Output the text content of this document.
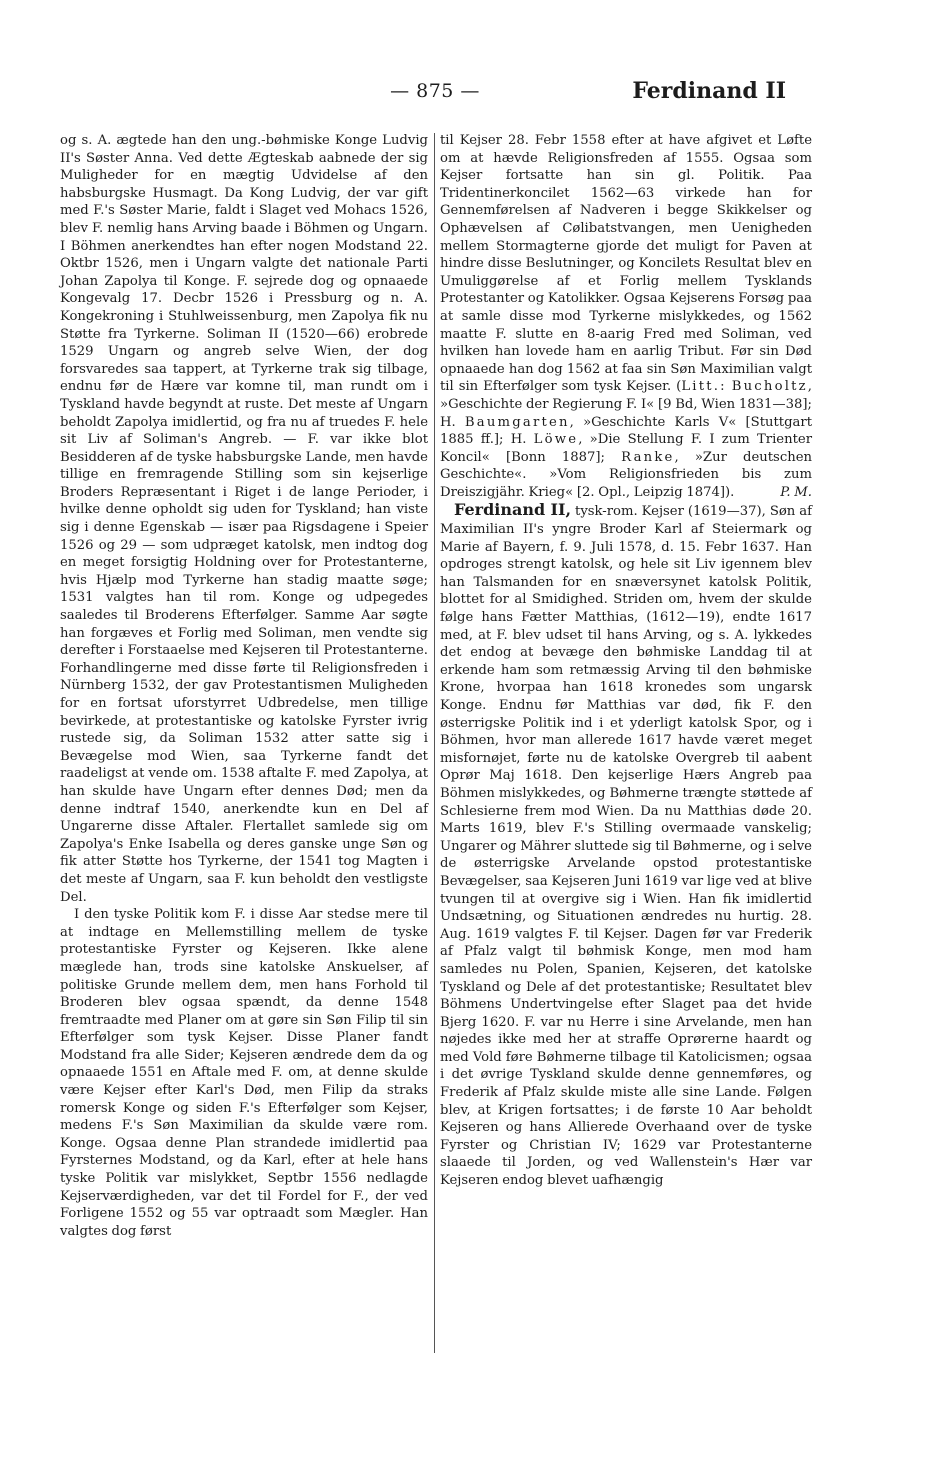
— 875 —	Ferdinand II

og s. A. ægtede han den ung.-bøhmiske Konge Ludvig II's Søster Anna. Ved dette Ægteskab aabnede der sig Muligheder for en mægtig Udvidelse af den habsburgske Husmagt. Da Kong Ludvig, der var gift med F.'s Søster Marie, faldt i Slaget ved Mohacs 1526, blev F. nemlig hans Arving baade i Böhmen og Ungarn. I Böhmen anerkendtes han efter nogen Modstand 22. Oktbr 1526, men i Ungarn valgte det nationale Parti Johan Zapolya til Konge. F. sejrede dog og opnaaede Kongevalg 17. Decbr 1526 i Pressburg og n. A. Kongekroning i Stuhlweissenburg, men Zapolya fik nu Støtte fra Tyrkerne. Soliman II (1520—66) erobrede 1529 Ungarn og angreb selve Wien, der dog forsvaredes saa tappert, at Tyrkerne trak sig tilbage, endnu før de Hære var komne til, man rundt om i Tyskland havde begyndt at ruste. Det meste af Ungarn beholdt Zapolya imidlertid, og fra nu af truedes F. hele sit Liv af Soliman's Angreb. — F. var ikke blot Besidderen af de tyske habsburgske Lande, men havde tillige en fremragende Stilling som sin kejserlige Broders Repræsentant i Riget i de lange Perioder, i hvilke denne opholdt sig uden for Tyskland; han viste sig i denne Egenskab — især paa Rigsdagene i Speier 1526 og 29 — som udpræget katolsk, men indtog dog en meget forsigtig Holdning over for Protestanterne, hvis Hjælp mod Tyrkerne han stadig maatte søge; 1531 valgtes han til rom. Konge og udpegedes saaledes til Broderens Efterfølger. Samme Aar søgte han forgæves et Forlig med Soliman, men vendte sig derefter i Forstaaelse med Kejseren til Protestanterne. Forhandlingerne med disse førte til Religionsfreden i Nürnberg 1532, der gav Protestantismen Muligheden for en fortsat uforstyrret Udbredelse, men tillige bevirkede, at protestantiske og katolske Fyrster ivrig rustede sig, da Soliman 1532 atter satte sig i Bevægelse mod Wien, saa Tyrkerne fandt det raadeligst at vende om. 1538 aftalte F. med Zapolya, at han skulde have Ungarn efter dennes Død; men da denne indtraf 1540, anerkendte kun en Del af Ungarerne disse Aftaler. Flertallet samlede sig om Zapolya's Enke Isabella og deres ganske unge Søn og fik atter Støtte hos Tyrkerne, der 1541 tog Magten i det meste af Ungarn, saa F. kun beholdt den vestligste Del.

I den tyske Politik kom F. i disse Aar stedse mere til at indtage en Mellemstilling mellem de tyske protestantiske Fyrster og Kejseren. Ikke alene mæglede han, trods sine katolske Anskuelser, af politiske Grunde mellem dem, men hans Forhold til Broderen blev ogsaa spændt, da denne 1548 fremtraadte med Planer om at gøre sin Søn Filip til sin Efterfølger som tysk Kejser. Disse Planer fandt Modstand fra alle Sider; Kejseren ændrede dem da og opnaaede 1551 en Aftale med F. om, at denne skulde være Kejser efter Karl's Død, men Filip da straks romersk Konge og siden F.'s Efterfølger som Kejser, medens F.'s Søn Maximilian da skulde være rom. Konge. Ogsaa denne Plan strandede imidlertid paa Fyrsternes Modstand, og da Karl, efter at hele hans tyske Politik var mislykket, Septbr 1556 nedlagde Kejserværdigheden, var det til Fordel for F., der ved Forligene 1552 og 55 var optraadt som Mægler. Han valgtes dog først

til Kejser 28. Febr 1558 efter at have afgivet et Løfte om at hævde Religionsfreden af 1555. Ogsaa som Kejser fortsatte han sin gl. Politik. Paa Tridentinerkoncilet 1562—63 virkede han for Gennemførelsen af Nadveren i begge Skikkelser og Ophævelsen af Cølibatstvangen, men Uenigheden mellem Stormagterne gjorde det muligt for Paven at hindre disse Beslutninger, og Koncilets Resultat blev en Umuliggørelse af et Forlig mellem Tysklands Protestanter og Katolikker. Ogsaa Kejserens Forsøg paa at samle disse mod Tyrkerne mislykkedes, og 1562 maatte F. slutte en 8-aarig Fred med Soliman, ved hvilken han lovede ham en aarlig Tribut. Før sin Død opnaaede han dog 1562 at faa sin Søn Maximilian valgt til sin Efterfølger som tysk Kejser. (Litt.: Bucholtz, »Geschichte der Regierung F. I« [9 Bd, Wien 1831—38]; H. Baumgarten, »Geschichte Karls V« [Stuttgart 1885 ff.]; H. Löwe, »Die Stellung F. I zum Trienter Koncil« [Bonn 1887]; Ranke, »Zur deutschen Geschichte«. »Vom Religionsfrieden bis zum Dreiszigjähr. Krieg« [2. Opl., Leipzig 1874]).	P. M.

Ferdinand II, tysk-rom. Kejser (1619—37), Søn af Maximilian II's yngre Broder Karl af Steiermark og Marie af Bayern, f. 9. Juli 1578, d. 15. Febr 1637. Han opdroges strengt katolsk, og hele sit Liv igennem blev han Talsmanden for en snæversynet katolsk Politik, blottet for al Smidighed. Striden om, hvem der skulde følge hans Fætter Matthias, (1612—19), endte 1617 med, at F. blev udset til hans Arving, og s. A. lykkedes det endog at bevæge den bøhmiske Landdag til at erkende ham som retmæssig Arving til den bøhmiske Krone, hvorpaa han 1618 kronedes som ungarsk Konge. Endnu før Matthias var død, fik F. den østerrigske Politik ind i et yderligt katolsk Spor, og i Böhmen, hvor man allerede 1617 havde været meget misfornøjet, førte nu de katolske Overgreb til aabent Oprør Maj 1618. Den kejserlige Hærs Angreb paa Böhmen mislykkedes, og Bøhmerne trængte støttede af Schlesierne frem mod Wien. Da nu Matthias døde 20. Marts 1619, blev F.'s Stilling overmaade vanskelig; Ungarer og Mährer sluttede sig til Bøhmerne, og i selve de østerrigske Arvelande opstod protestantiske Bevægelser, saa Kejseren Juni 1619 var lige ved at blive tvungen til at overgive sig i Wien. Han fik imidlertid Undsætning, og Situationen ændredes nu hurtig. 28. Aug. 1619 valgtes F. til Kejser. Dagen før var Frederik af Pfalz valgt til bøhmisk Konge, men mod ham samledes nu Polen, Spanien, Kejseren, det katolske Tyskland og Dele af det protestantiske; Resultatet blev Böhmens Undertvingelse efter Slaget paa det hvide Bjerg 1620. F. var nu Herre i sine Arvelande, men han nøjedes ikke med her at straffe Oprørerne haardt og med Vold føre Bøhmerne tilbage til Katolicismen; ogsaa i det øvrige Tyskland skulde denne gennemføres, og Frederik af Pfalz skulde miste alle sine Lande. Følgen blev, at Krigen fortsattes; i de første 10 Aar beholdt Kejseren og hans Allierede Overhaand over de tyske Fyrster og Christian IV; 1629 var Protestanterne slaaede til Jorden, og ved Wallenstein's Hær var Kejseren endog blevet uafhængig
